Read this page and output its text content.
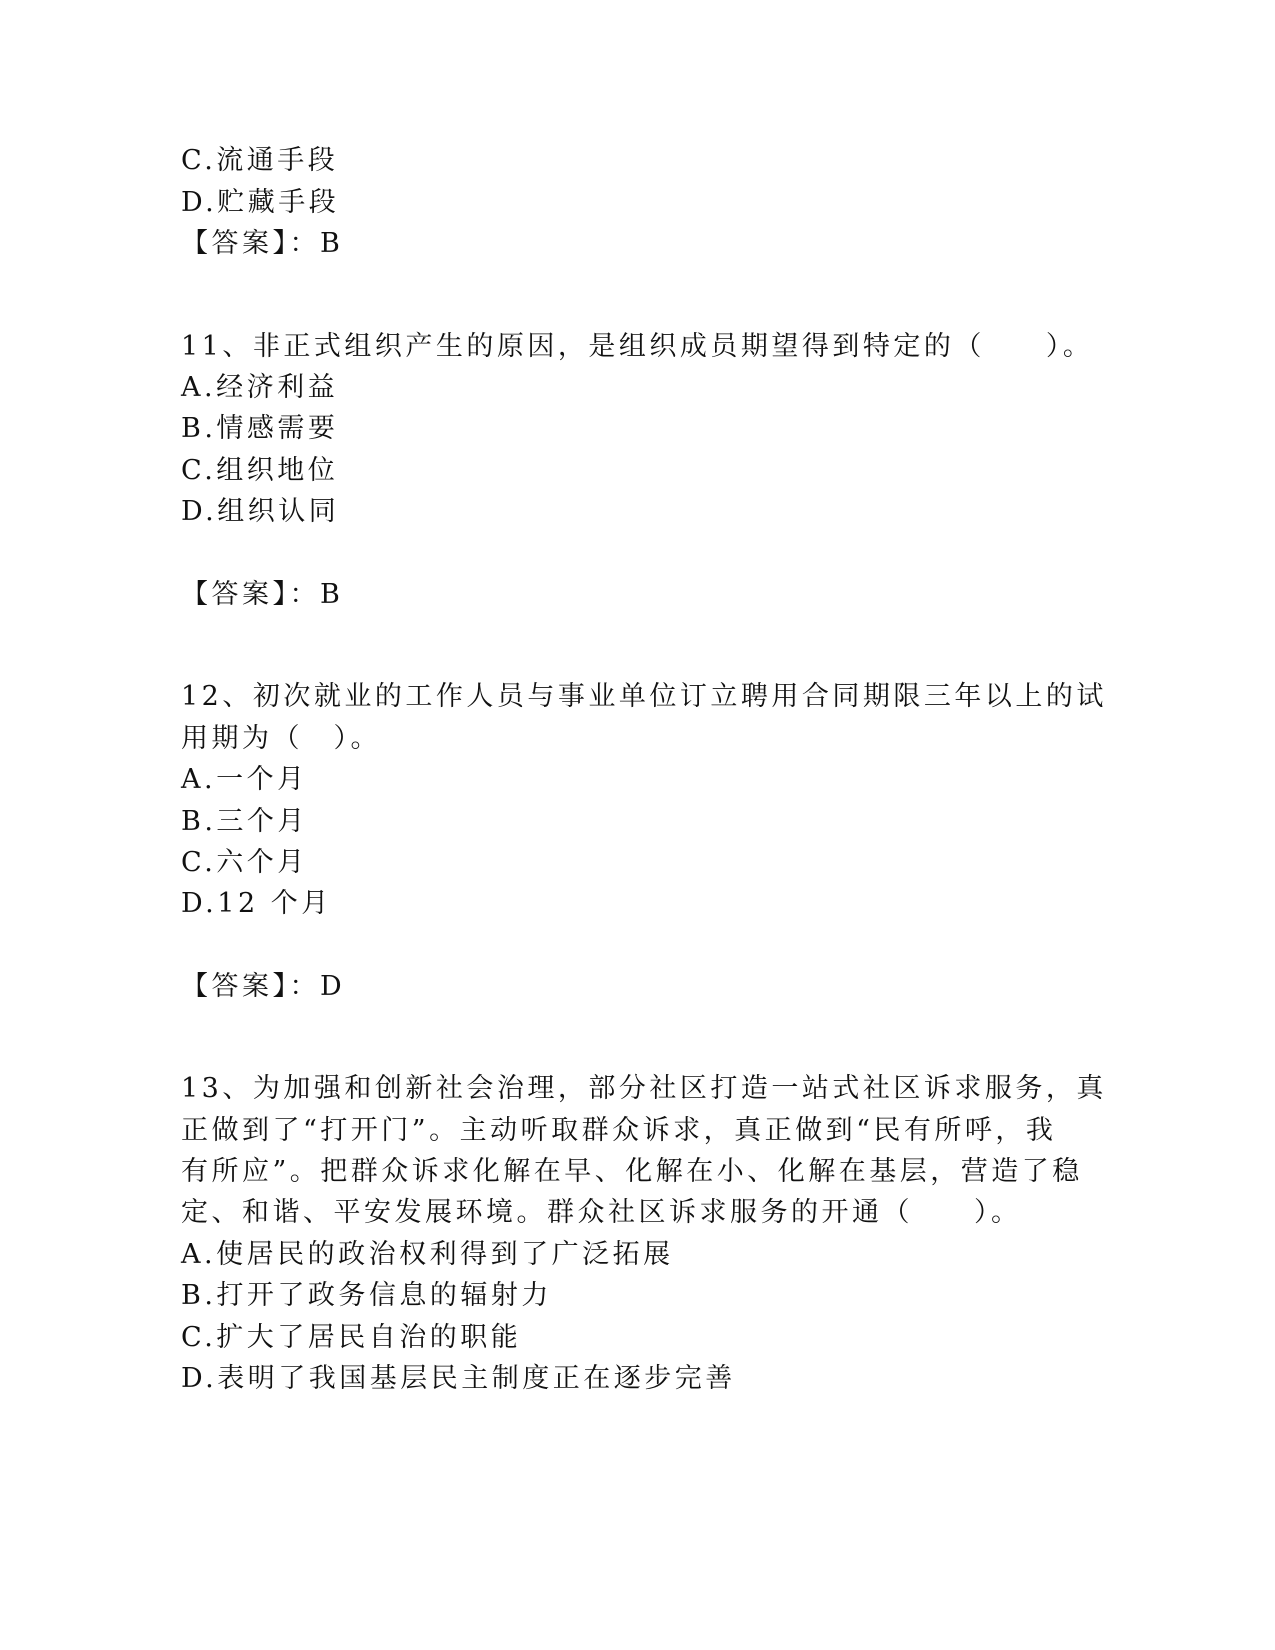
C.流通手段
D.贮藏手段
【答案】：B
11、非正式组织产生的原因，是组织成员期望得到特定的（　　）。
A.经济利益
B.情感需要
C.组织地位
D.组织认同
【答案】：B
12、初次就业的工作人员与事业单位订立聘用合同期限三年以上的试
用期为（　）。
A.一个月
B.三个月
C.六个月
D.12 个月
【答案】：D
13、为加强和创新社会治理，部分社区打造一站式社区诉求服务，真
正做到了“打开门”。主动听取群众诉求，真正做到“民有所呼，我
有所应”。把群众诉求化解在早、化解在小、化解在基层，营造了稳
定、和谐、平安发展环境。群众社区诉求服务的开通（　　）。
A.使居民的政治权利得到了广泛拓展
B.打开了政务信息的辐射力
C.扩大了居民自治的职能
D.表明了我国基层民主制度正在逐步完善
